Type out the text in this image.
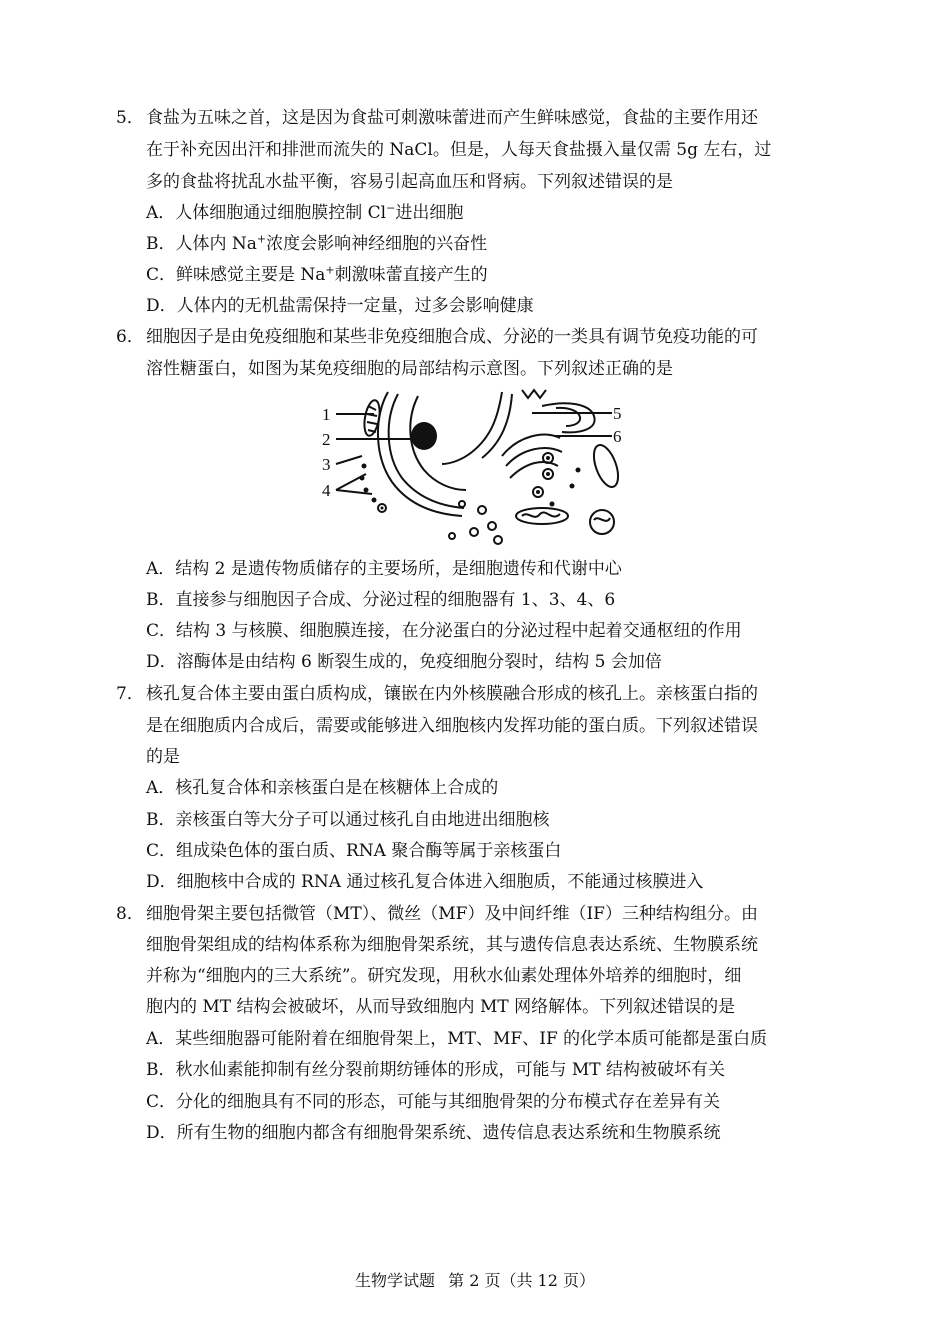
5． 食盐为五味之首，这是因为食盐可刺激味蕾进而产生鲜味感觉，食盐的主要作用还
在于补充因出汗和排泄而流失的 NaCl。但是，人每天食盐摄入量仅需 5g 左右，过
多的食盐将扰乱水盐平衡，容易引起高血压和肾病。下列叙述错误的是
A．人体细胞通过细胞膜控制 Cl−进出细胞
B．人体内 Na+浓度会影响神经细胞的兴奋性
C．鲜味感觉主要是 Na+刺激味蕾直接产生的
D．人体内的无机盐需保持一定量，过多会影响健康
6． 细胞因子是由免疫细胞和某些非免疫细胞合成、分泌的一类具有调节免疫功能的可
溶性糖蛋白，如图为某免疫细胞的局部结构示意图。下列叙述正确的是
1
2
3
4
5
6
A．结构 2 是遗传物质储存的主要场所，是细胞遗传和代谢中心
B．直接参与细胞因子合成、分泌过程的细胞器有 1、3、4、6
C．结构 3 与核膜、细胞膜连接，在分泌蛋白的分泌过程中起着交通枢纽的作用
D．溶酶体是由结构 6 断裂生成的，免疫细胞分裂时，结构 5 会加倍
7． 核孔复合体主要由蛋白质构成，镶嵌在内外核膜融合形成的核孔上。亲核蛋白指的
是在细胞质内合成后，需要或能够进入细胞核内发挥功能的蛋白质。下列叙述错误
的是
A．核孔复合体和亲核蛋白是在核糖体上合成的
B．亲核蛋白等大分子可以通过核孔自由地进出细胞核
C．组成染色体的蛋白质、RNA 聚合酶等属于亲核蛋白
D．细胞核中合成的 RNA 通过核孔复合体进入细胞质，不能通过核膜进入
8． 细胞骨架主要包括微管（MT）、微丝（MF）及中间纤维（IF）三种结构组分。由
细胞骨架组成的结构体系称为细胞骨架系统，其与遗传信息表达系统、生物膜系统
并称为“细胞内的三大系统”。研究发现，用秋水仙素处理体外培养的细胞时，细
胞内的 MT 结构会被破坏，从而导致细胞内 MT 网络解体。下列叙述错误的是
A．某些细胞器可能附着在细胞骨架上，MT、MF、IF 的化学本质可能都是蛋白质
B．秋水仙素能抑制有丝分裂前期纺锤体的形成，可能与 MT 结构被破坏有关
C．分化的细胞具有不同的形态，可能与其细胞骨架的分布模式存在差异有关
D．所有生物的细胞内都含有细胞骨架系统、遗传信息表达系统和生物膜系统
生物学试题 第 2 页（共 12 页）
